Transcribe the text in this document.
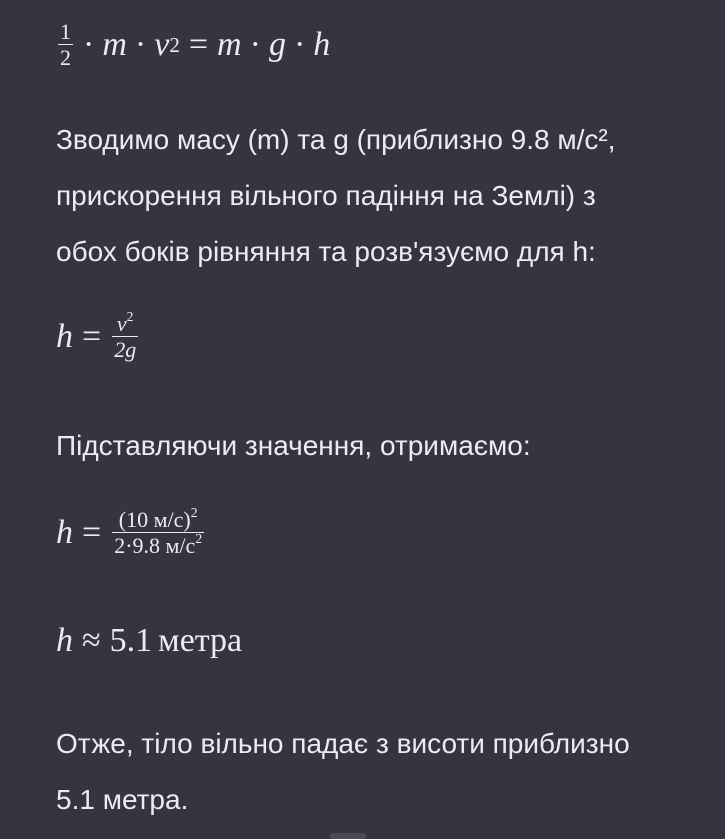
$\frac{1}{2} \cdot m \cdot v$ 2 = m · g · h

Зводимо масу (m) та g (приблизно 9.8 м/с²,
прискорення вільного падіння на Землі) з
обох боків рівняння та розв'язуємо для h:

$h = \frac{v^2}{2g}$

Підставляючи значення, отримаємо:

$h = \frac{(10 м/с)^2}{2\cdot 9.8 м/с^2}$
h ≈ 5.1 метра

Отже, тіло вільно падає з висоти приблизно
5.1 метра.
